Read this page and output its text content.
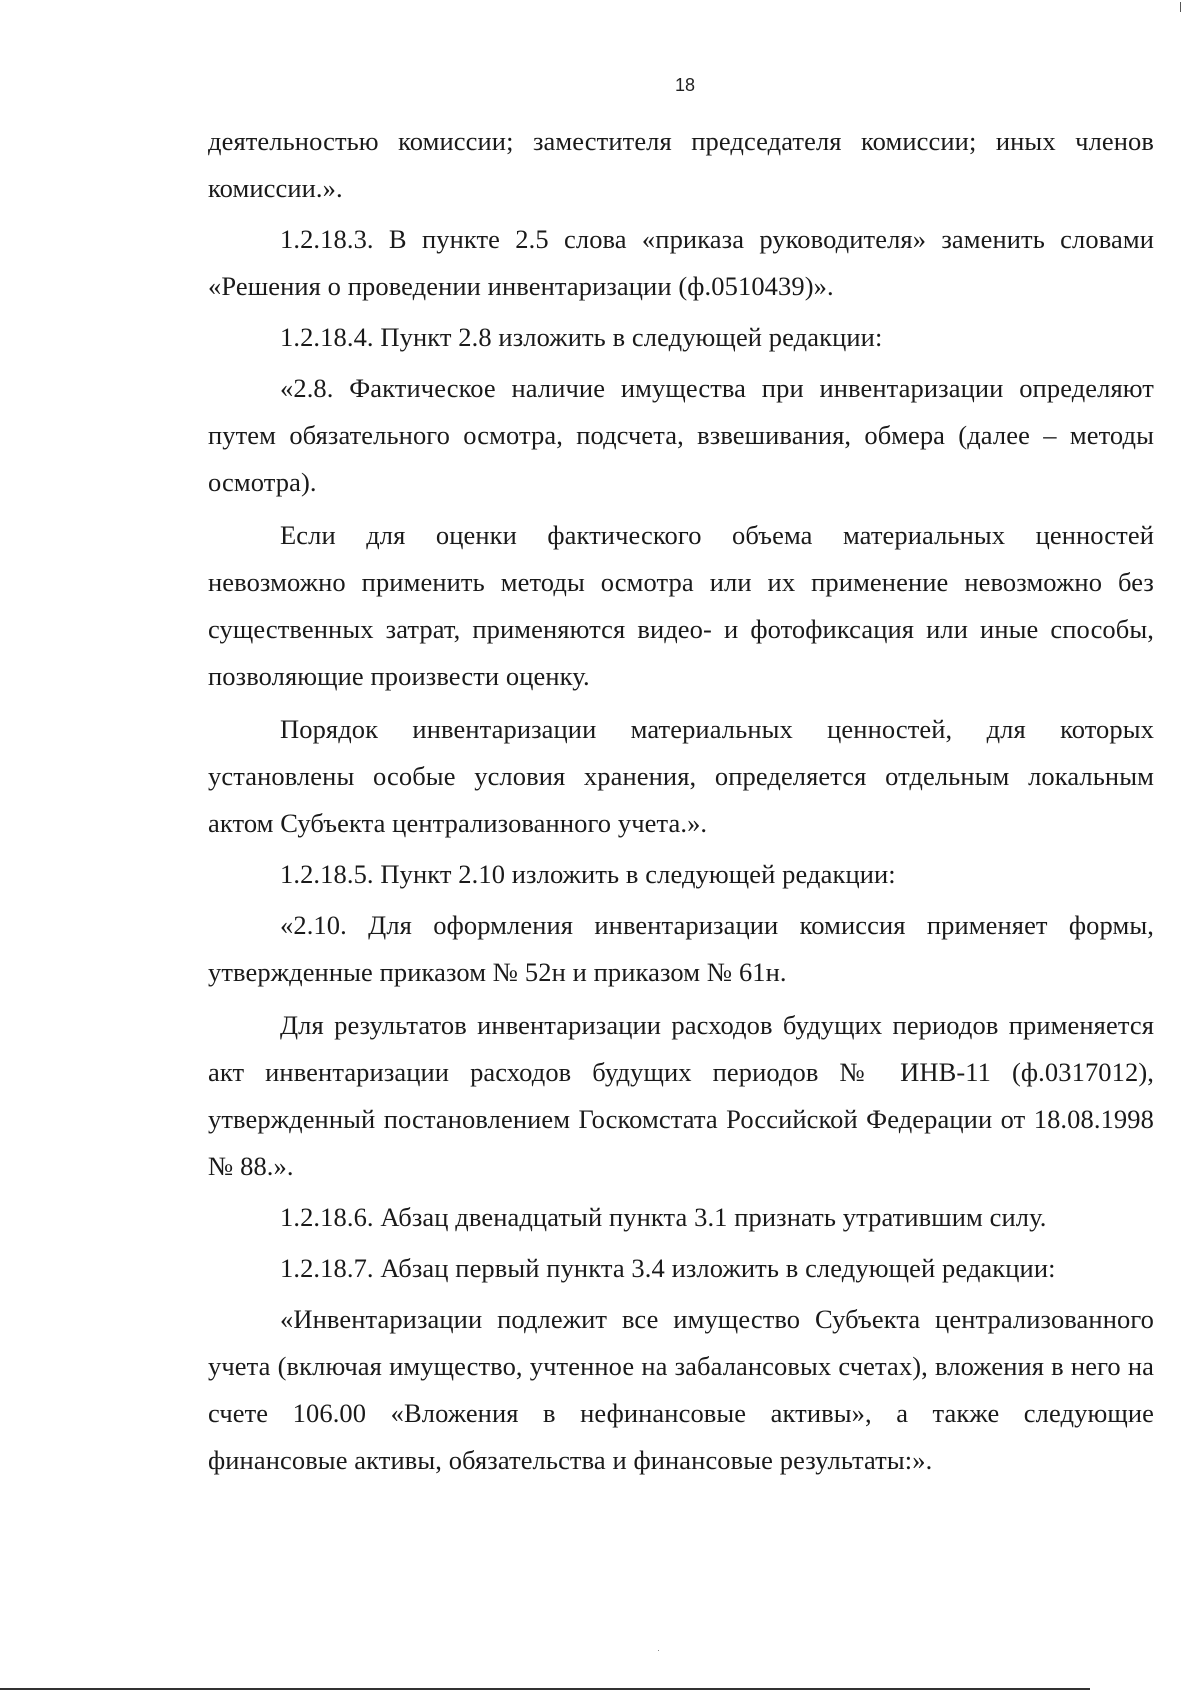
18

деятельностью комиссии; заместителя председателя комиссии; иных членов комиссии.».

1.2.18.3. В пункте 2.5 слова «приказа руководителя» заменить словами «Решения о проведении инвентаризации (ф.0510439)».

1.2.18.4. Пункт 2.8 изложить в следующей редакции:

«2.8. Фактическое наличие имущества при инвентаризации определяют путем обязательного осмотра, подсчета, взвешивания, обмера (далее – методы осмотра).

Если для оценки фактического объема материальных ценностей невозможно применить методы осмотра или их применение невозможно без существенных затрат, применяются видео- и фотофиксация или иные способы, позволяющие произвести оценку.

Порядок инвентаризации материальных ценностей, для которых установлены особые условия хранения, определяется отдельным локальным актом Субъекта централизованного учета.».

1.2.18.5. Пункт 2.10 изложить в следующей редакции:

«2.10. Для оформления инвентаризации комиссия применяет формы, утвержденные приказом № 52н и приказом № 61н.

Для результатов инвентаризации расходов будущих периодов применяется акт инвентаризации расходов будущих периодов № ИНВ-11 (ф.0317012), утвержденный постановлением Госкомстата Российской Федерации от 18.08.1998 № 88.».

1.2.18.6. Абзац двенадцатый пункта 3.1 признать утратившим силу.

1.2.18.7. Абзац первый пункта 3.4 изложить в следующей редакции:

«Инвентаризации подлежит все имущество Субъекта централизованного учета (включая имущество, учтенное на забалансовых счетах), вложения в него на счете 106.00 «Вложения в нефинансовые активы», а также следующие финансовые активы, обязательства и финансовые результаты:».
